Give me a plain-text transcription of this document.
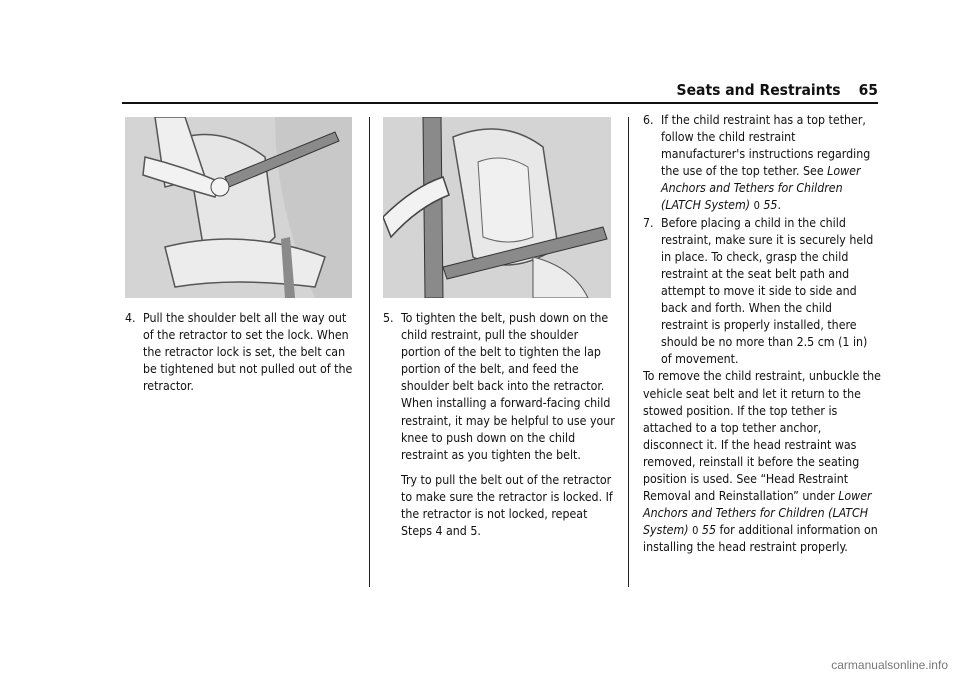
Seats and Restraints 65
4. Pull the shoulder belt all the way out of the retractor to set the lock. When the retractor lock is set, the belt can be tightened but not pulled out of the retractor.

5. To tighten the belt, push down on the child restraint, pull the shoulder portion of the belt to tighten the lap portion of the belt, and feed the shoulder belt back into the retractor. When installing a forward-facing child restraint, it may be helpful to use your knee to push down on the child restraint as you tighten the belt.

Try to pull the belt out of the retractor to make sure the retractor is locked. If the retractor is not locked, repeat Steps 4 and 5.

6. If the child restraint has a top tether, follow the child restraint manufacturer's instructions regarding the use of the top tether. See Lower Anchors and Tethers for Children (LATCH System) 0 55.

7. Before placing a child in the child restraint, make sure it is securely held in place. To check, grasp the child restraint at the seat belt path and attempt to move it side to side and back and forth. When the child restraint is properly installed, there should be no more than 2.5 cm (1 in) of movement.

To remove the child restraint, unbuckle the vehicle seat belt and let it return to the stowed position. If the top tether is attached to a top tether anchor, disconnect it. If the head restraint was removed, reinstall it before the seating position is used. See “Head Restraint Removal and Reinstallation” under Lower Anchors and Tethers for Children (LATCH System) 0 55 for additional information on installing the head restraint properly.

carmanualsonline.info
